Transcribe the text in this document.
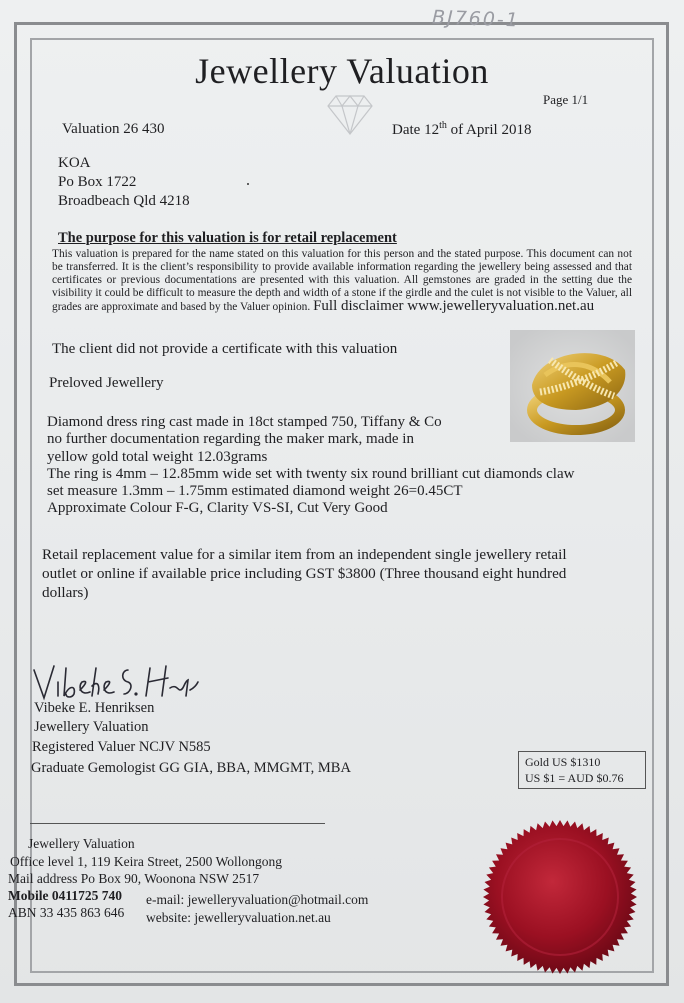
BJ760-1
Jewellery Valuation
Page 1/1
Valuation 26 430	Date 12th of April 2018
KOA
Po Box 1722
Broadbeach Qld 4218
The purpose for this valuation is for retail replacement
This valuation is prepared for the name stated on this valuation for this person and the stated purpose. This document can not be transferred. It is the client’s responsibility to provide available information regarding the jewellery being assessed and that certificates or previous documentations are presented with this valuation. All gemstones are graded in the setting due the visibility it could be difficult to measure the depth and width of a stone if the girdle and the culet is not visible to the Valuer, all grades are approximate and based by the Valuer opinion. Full disclaimer www.jewelleryvaluation.net.au
The client did not provide a certificate with this valuation
Preloved Jewellery
Diamond dress ring cast made in 18ct stamped 750, Tiffany & Co
no further documentation regarding the maker mark, made in
yellow gold total weight 12.03grams
The ring is 4mm – 12.85mm wide set with twenty six round brilliant cut diamonds claw
set measure 1.3mm – 1.75mm estimated diamond weight 26=0.45CT
Approximate Colour F-G, Clarity VS-SI, Cut Very Good
Retail replacement value for a similar item from an independent single jewellery retail
outlet or online if available price including GST $3800 (Three thousand eight hundred
dollars)
Vibeke E. Henriksen
Jewellery Valuation
Registered Valuer NCJV N585
Graduate Gemologist GG GIA, BBA, MMGMT, MBA	Gold US $1310
US $1 = AUD $0.76
Jewellery Valuation
Office level 1, 119 Keira Street, 2500 Wollongong
Mail address Po Box 90, Woonona NSW 2517
Mobile 0411725 740 e-mail: jewelleryvaluation@hotmail.com
ABN 33 435 863 646 website: jewelleryvaluation.net.au
